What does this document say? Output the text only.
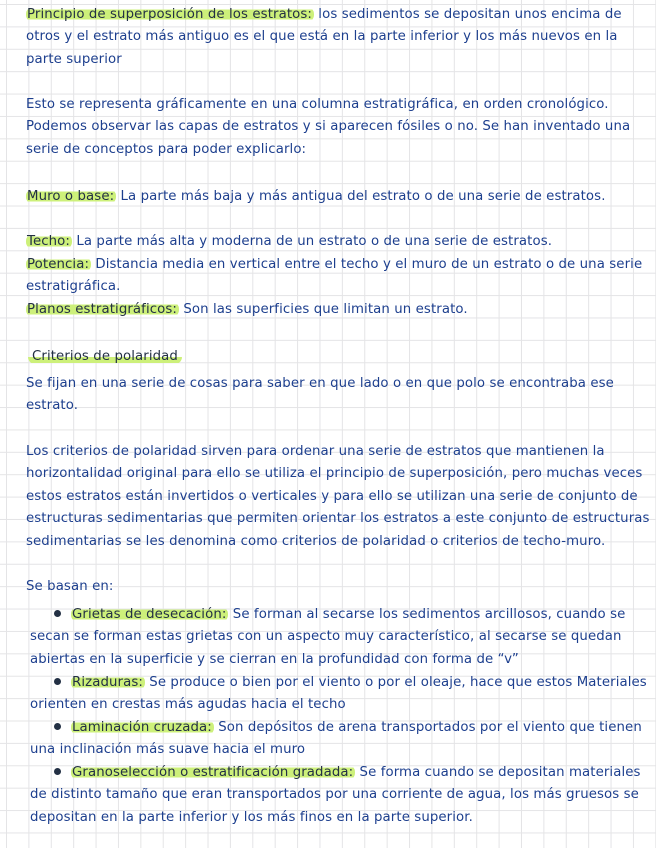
Principio de superposición de los estratos: los sedimentos se depositan unos encima de otros y el estrato más antiguo es el que está en la parte inferior y los más nuevos en la parte superior

Esto se representa gráficamente en una columna estratigráfica, en orden cronológico. Podemos observar las capas de estratos y si aparecen fósiles o no. Se han inventado una serie de conceptos para poder explicarlo:

Muro o base: La parte más baja y más antigua del estrato o de una serie de estratos.

Techo: La parte más alta y moderna de un estrato o de una serie de estratos.

Potencia: Distancia media en vertical entre el techo y el muro de un estrato o de una serie estratigráfica.

Planos estratigráficos: Son las superficies que limitan un estrato.

Criterios de polaridad

Se fijan en una serie de cosas para saber en que lado o en que polo se encontraba ese estrato.

Los criterios de polaridad sirven para ordenar una serie de estratos que mantienen la horizontalidad original para ello se utiliza el principio de superposición, pero muchas veces estos estratos están invertidos o verticales y para ello se utilizan una serie de conjunto de estructuras sedimentarias que permiten orientar los estratos a este conjunto de estructuras sedimentarias se les denomina como criterios de polaridad o criterios de techo-muro.

Se basan en:

Grietas de desecación: Se forman al secarse los sedimentos arcillosos, cuando se secan se forman estas grietas con un aspecto muy característico, al secarse se quedan abiertas en la superficie y se cierran en la profundidad con forma de “v”

Rizaduras: Se produce o bien por el viento o por el oleaje, hace que estos Materiales orienten en crestas más agudas hacia el techo

Laminación cruzada: Son depósitos de arena transportados por el viento que tienen una inclinación más suave hacia el muro

Granoselección o estratificación gradada: Se forma cuando se depositan materiales de distinto tamaño que eran transportados por una corriente de agua, los más gruesos se depositan en la parte inferior y los más finos en la parte superior.
